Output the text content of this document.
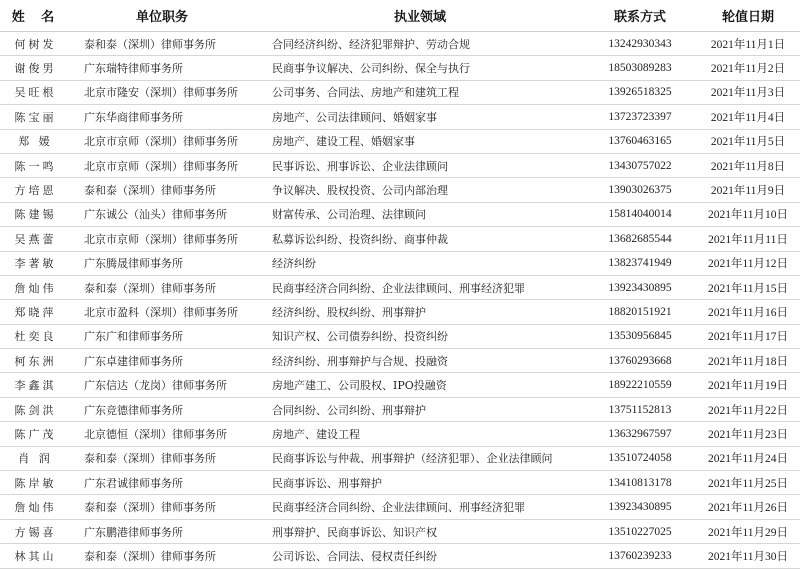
姓 名	单位职务	执业领域	联系方式	轮值日期
何树发	泰和泰（深圳）律师事务所	合同经济纠纷、经济犯罪辩护、劳动合规	13242930343	2021年11月1日
谢俊男	广东瑞特律师事务所	民商事争议解决、公司纠纷、保全与执行	18503089283	2021年11月2日
吴旺根	北京市隆安（深圳）律师事务所	公司事务、合同法、房地产和建筑工程	13926518325	2021年11月3日
陈宝丽	广东华商律师事务所	房地产、公司法律顾问、婚姻家事	13723723397	2021年11月4日
郑 媛	北京市京师（深圳）律师事务所	房地产、建设工程、婚姻家事	13760463165	2021年11月5日
陈一鸣	北京市京师（深圳）律师事务所	民事诉讼、刑事诉讼、企业法律顾问	13430757022	2021年11月8日
方培恩	泰和泰（深圳）律师事务所	争议解决、股权投资、公司内部治理	13903026375	2021年11月9日
陈建锡	广东诚公（汕头）律师事务所	财富传承、公司治理、法律顾问	15814040014	2021年11月10日
吴燕蕾	北京市京师（深圳）律师事务所	私募诉讼纠纷、投资纠纷、商事仲裁	13682685544	2021年11月11日
李著敏	广东腾晟律师事务所	经济纠纷	13823741949	2021年11月12日
詹灿伟	泰和泰（深圳）律师事务所	民商事经济合同纠纷、企业法律顾问、刑事经济犯罪	13923430895	2021年11月15日
郑晓萍	北京市盈科（深圳）律师事务所	经济纠纷、股权纠纷、刑事辩护	18820151921	2021年11月16日
杜奕良	广东广和律师事务所	知识产权、公司债券纠纷、投资纠纷	13530956845	2021年11月17日
柯东洲	广东卓建律师事务所	经济纠纷、刑事辩护与合规、投融资	13760293668	2021年11月18日
李鑫淇	广东信达（龙岗）律师事务所	房地产建工、公司股权、IPO投融资	18922210559	2021年11月19日
陈剑洪	广东竞德律师事务所	合同纠纷、公司纠纷、刑事辩护	13751152813	2021年11月22日
陈广茂	北京德恒（深圳）律师事务所	房地产、建设工程	13632967597	2021年11月23日
肖 润	泰和泰（深圳）律师事务所	民商事诉讼与仲裁、刑事辩护（经济犯罪）、企业法律顾问	13510724058	2021年11月24日
陈岸敏	广东君诚律师事务所	民商事诉讼、刑事辩护	13410813178	2021年11月25日
詹灿伟	泰和泰（深圳）律师事务所	民商事经济合同纠纷、企业法律顾问、刑事经济犯罪	13923430895	2021年11月26日
方锡喜	广东鹏港律师事务所	刑事辩护、民商事诉讼、知识产权	13510227025	2021年11月29日
林其山	泰和泰（深圳）律师事务所	公司诉讼、合同法、侵权责任纠纷	13760239233	2021年11月30日
